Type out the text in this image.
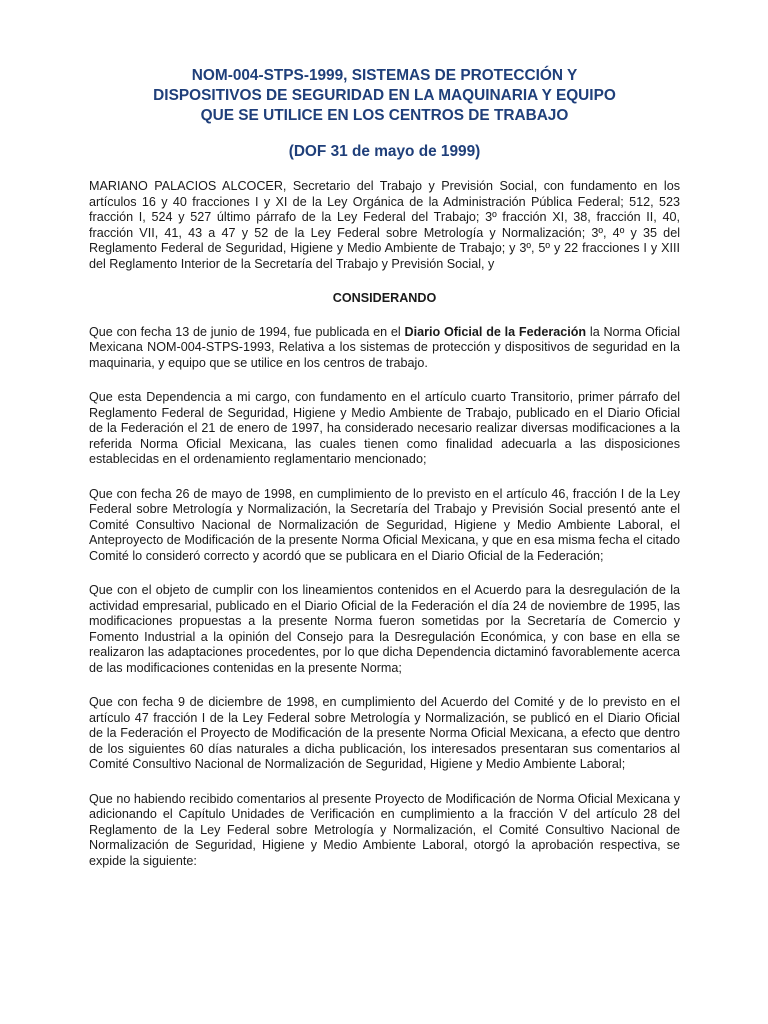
NOM-004-STPS-1999, SISTEMAS DE PROTECCIÓN Y
DISPOSITIVOS DE SEGURIDAD EN LA MAQUINARIA Y EQUIPO
QUE SE UTILICE EN LOS CENTROS DE TRABAJO

(DOF 31 de mayo de 1999)

MARIANO PALACIOS ALCOCER, Secretario del Trabajo y Previsión Social, con fundamento en los artículos 16 y 40 fracciones I y XI de la Ley Orgánica de la Administración Pública Federal; 512, 523 fracción I, 524 y 527 último párrafo de la Ley Federal del Trabajo; 3º fracción XI, 38, fracción II, 40, fracción VII, 41, 43 a 47 y 52 de la Ley Federal sobre Metrología y Normalización; 3º, 4º y 35 del Reglamento Federal de Seguridad, Higiene y Medio Ambiente de Trabajo; y 3º, 5º y 22 fracciones I y XIII del Reglamento Interior de la Secretaría del Trabajo y Previsión Social, y

CONSIDERANDO

Que con fecha 13 de junio de 1994, fue publicada en el Diario Oficial de la Federación la Norma Oficial Mexicana NOM-004-STPS-1993, Relativa a los sistemas de protección y dispositivos de seguridad en la maquinaria, y equipo que se utilice en los centros de trabajo.

Que esta Dependencia a mi cargo, con fundamento en el artículo cuarto Transitorio, primer párrafo del Reglamento Federal de Seguridad, Higiene y Medio Ambiente de Trabajo, publicado en el Diario Oficial de la Federación el 21 de enero de 1997, ha considerado necesario realizar diversas modificaciones a la referida Norma Oficial Mexicana, las cuales tienen como finalidad adecuarla a las disposiciones establecidas en el ordenamiento reglamentario mencionado;

Que con fecha 26 de mayo de 1998, en cumplimiento de lo previsto en el artículo 46, fracción I de la Ley Federal sobre Metrología y Normalización, la Secretaría del Trabajo y Previsión Social presentó ante el Comité Consultivo Nacional de Normalización de Seguridad, Higiene y Medio Ambiente Laboral, el Anteproyecto de Modificación de la presente Norma Oficial Mexicana, y que en esa misma fecha el citado Comité lo consideró correcto y acordó que se publicara en el Diario Oficial de la Federación;

Que con el objeto de cumplir con los lineamientos contenidos en el Acuerdo para la desregulación de la actividad empresarial, publicado en el Diario Oficial de la Federación el día 24 de noviembre de 1995, las modificaciones propuestas a la presente Norma fueron sometidas por la Secretaría de Comercio y Fomento Industrial a la opinión del Consejo para la Desregulación Económica, y con base en ella se realizaron las adaptaciones procedentes, por lo que dicha Dependencia dictaminó favorablemente acerca de las modificaciones contenidas en la presente Norma;

Que con fecha 9 de diciembre de 1998, en cumplimiento del Acuerdo del Comité y de lo previsto en el artículo 47 fracción I de la Ley Federal sobre Metrología y Normalización, se publicó en el Diario Oficial de la Federación el Proyecto de Modificación de la presente Norma Oficial Mexicana, a efecto que dentro de los siguientes 60 días naturales a dicha publicación, los interesados presentaran sus comentarios al Comité Consultivo Nacional de Normalización de Seguridad, Higiene y Medio Ambiente Laboral;

Que no habiendo recibido comentarios al presente Proyecto de Modificación de Norma Oficial Mexicana y adicionando el Capítulo Unidades de Verificación en cumplimiento a la fracción V del artículo 28 del Reglamento de la Ley Federal sobre Metrología y Normalización, el Comité Consultivo Nacional de Normalización de Seguridad, Higiene y Medio Ambiente Laboral, otorgó la aprobación respectiva, se expide la siguiente:
